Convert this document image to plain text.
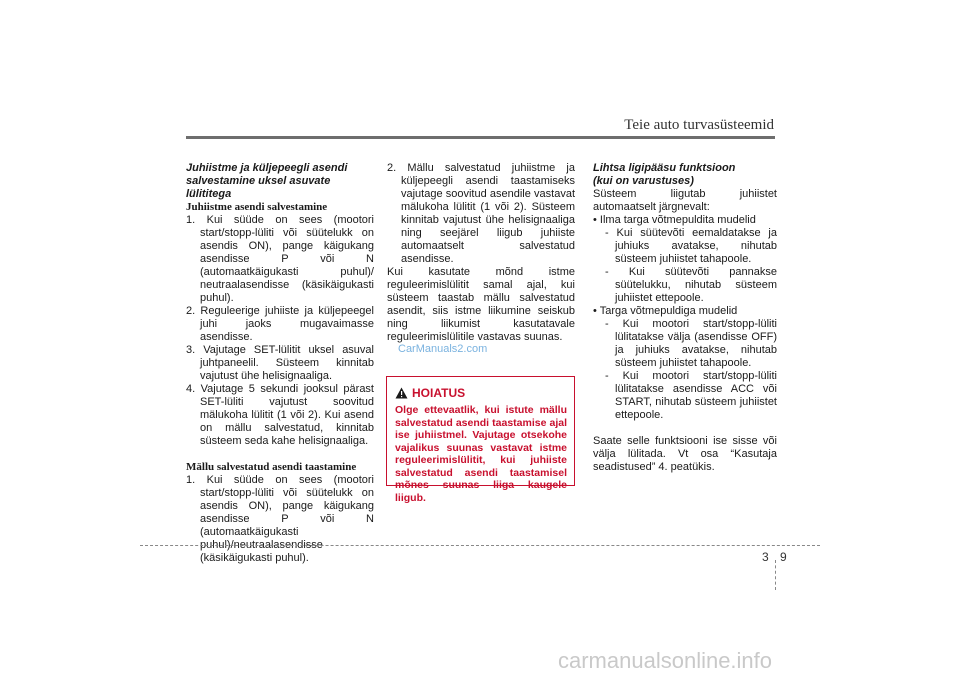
Teie auto turvasüsteemid

Juhiistme ja küljepeegli asendi salvestamine uksel asuvate lülititega

Juhiistme asendi salvestamine

1. Kui süüde on sees (mootori start/stopp-lüliti või süütelukk on asendis ON), pange käigukang asendisse P või N (automaatkäigukasti puhul)/ neutraalasendisse (käsikäigukasti puhul).

2. Reguleerige juhiiste ja küljepeegel juhi jaoks mugavaimasse asendisse.

3. Vajutage SET-lülitit uksel asuval juhtpaneelil. Süsteem kinnitab vajutust ühe helisignaaliga.

4. Vajutage 5 sekundi jooksul pärast SET-lüliti vajutust soovitud mälukoha lülitit (1 või 2). Kui asend on mällu salvestatud, kinnitab süsteem seda kahe helisignaaliga.

Mällu salvestatud asendi taastamine

1. Kui süüde on sees (mootori start/stopp-lüliti või süütelukk on asendis ON), pange käigukang asendisse P või N (automaatkäigukasti puhul)/neutraalasendisse (käsikäigukasti puhul).

2. Mällu salvestatud juhiistme ja küljepeegli asendi taastamiseks vajutage soovitud asendile vastavat mälukoha lülitit (1 või 2). Süsteem kinnitab vajutust ühe helisignaaliga ning seejärel liigub juhiiste automaatselt salvestatud asendisse.

Kui kasutate mõnd istme reguleerimislülitit samal ajal, kui süsteem taastab mällu salvestatud asendit, siis istme liikumine seiskub ning liikumist kasutatavale reguleerimislülitile vastavas suunas.

HOIATUS
Olge ettevaatlik, kui istute mällu salvestatud asendi taastamise ajal ise juhiistmel. Vajutage otsekohe vajalikus suunas vastavat istme reguleerimislülitit, kui juhiiste salvestatud asendi taastamisel mõnes suunas liiga kaugele liigub.

Lihtsa ligipääsu funktsioon

(kui on varustuses)

Süsteem liigutab juhiistet automaatselt järgnevalt:

• Ilma targa võtmepuldita mudelid

- Kui süütevõti eemaldatakse ja juhiuks avatakse, nihutab süsteem juhiistet tahapoole.

- Kui süütevõti pannakse süütelukku, nihutab süsteem juhiistet ettepoole.

• Targa võtmepuldiga mudelid

- Kui mootori start/stopp-lüliti lülitatakse välja (asendisse OFF) ja juhiuks avatakse, nihutab süsteem juhiistet tahapoole.

- Kui mootori start/stopp-lüliti lülitatakse asendisse ACC või START, nihutab süsteem juhiistet ettepoole.

Saate selle funktsiooni ise sisse või välja lülitada. Vt osa “Kasutaja seadistused” 4. peatükis.

CarManuals2.com
3 9
carmanualsonline.info
